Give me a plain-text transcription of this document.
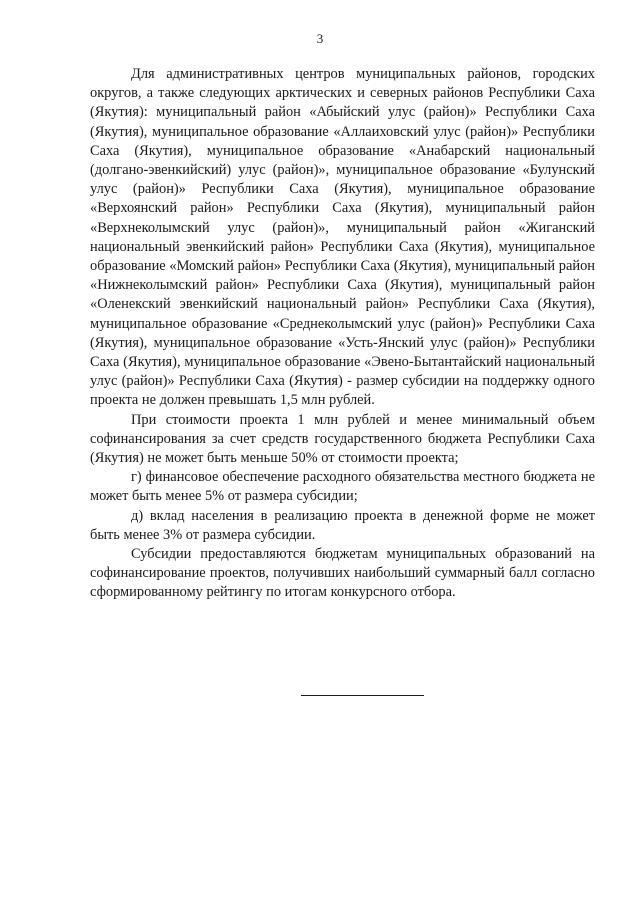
3

Для административных центров муниципальных районов, городских округов, а также следующих арктических и северных районов Республики Саха (Якутия): муниципальный район «Абыйский улус (район)» Республики Саха (Якутия), муниципальное образование «Аллаиховский улус (район)» Республики Саха (Якутия), муниципальное образование «Анабарский национальный (долгано-эвенкийский) улус (район)», муниципальное образование «Булунский улус (район)» Республики Саха (Якутия), муниципальное образование «Верхоянский район» Республики Саха (Якутия), муниципальный район «Верхнеколымский улус (район)», муниципальный район «Жиганский национальный эвенкийский район» Республики Саха (Якутия), муниципальное образование «Момский район» Республики Саха (Якутия), муниципальный район «Нижнеколымский район» Республики Саха (Якутия), муниципальный район «Оленекский эвенкийский национальный район» Республики Саха (Якутия), муниципальное образование «Среднеколымский улус (район)» Республики Саха (Якутия), муниципальное образование «Усть-Янский улус (район)» Республики Саха (Якутия), муниципальное образование «Эвено-Бытантайский национальный улус (район)» Республики Саха (Якутия) - размер субсидии на поддержку одного проекта не должен превышать 1,5 млн рублей.

При стоимости проекта 1 млн рублей и менее минимальный объем софинансирования за счет средств государственного бюджета Республики Саха (Якутия) не может быть меньше 50% от стоимости проекта;

г) финансовое обеспечение расходного обязательства местного бюджета не может быть менее 5% от размера субсидии;

д) вклад населения в реализацию проекта в денежной форме не может быть менее 3% от размера субсидии.

Субсидии предоставляются бюджетам муниципальных образований на софинансирование проектов, получивших наибольший суммарный балл согласно сформированному рейтингу по итогам конкурсного отбора.
